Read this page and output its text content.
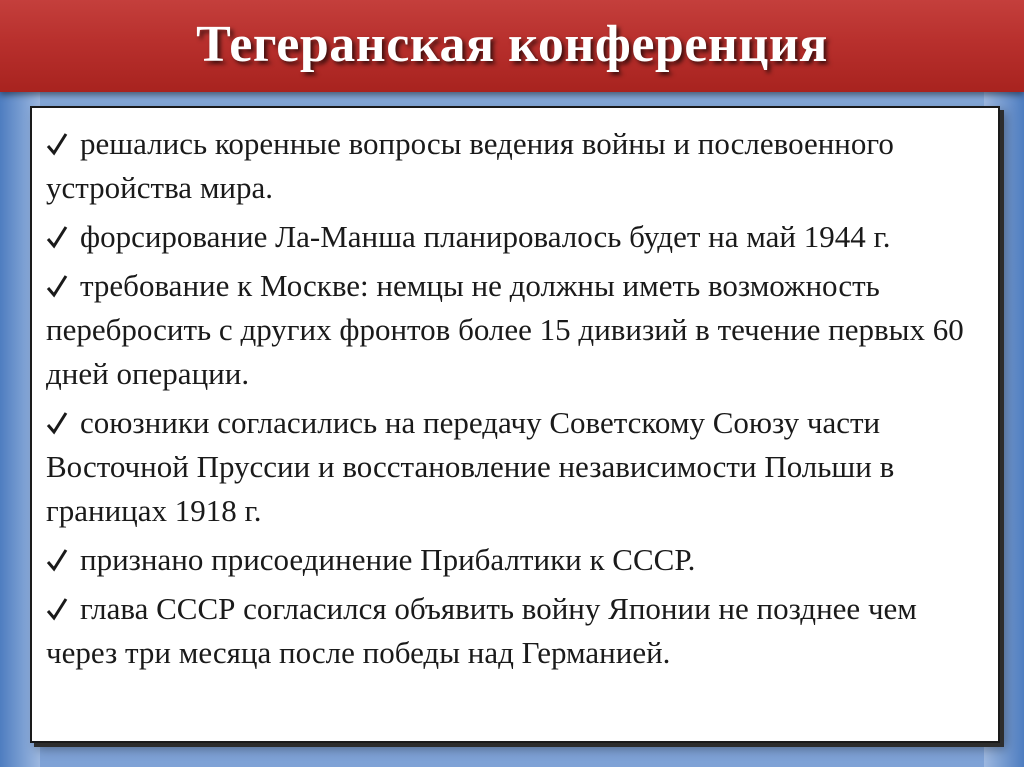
Тегеранская конференция
решались коренные вопросы ведения войны и послевоенного устройства мира.
форсирование Ла-Манша планировалось будет на май 1944 г.
требование к Москве: немцы не должны иметь возможность перебросить с других фронтов более 15 дивизий в течение первых 60 дней операции.
союзники согласились на передачу Советскому Союзу части Восточной Пруссии и восстановление независимости Польши в границах 1918 г.
признано присоединение Прибалтики к СССР.
глава СССР согласился объявить войну Японии не позднее чем через три месяца после победы над Германией.
